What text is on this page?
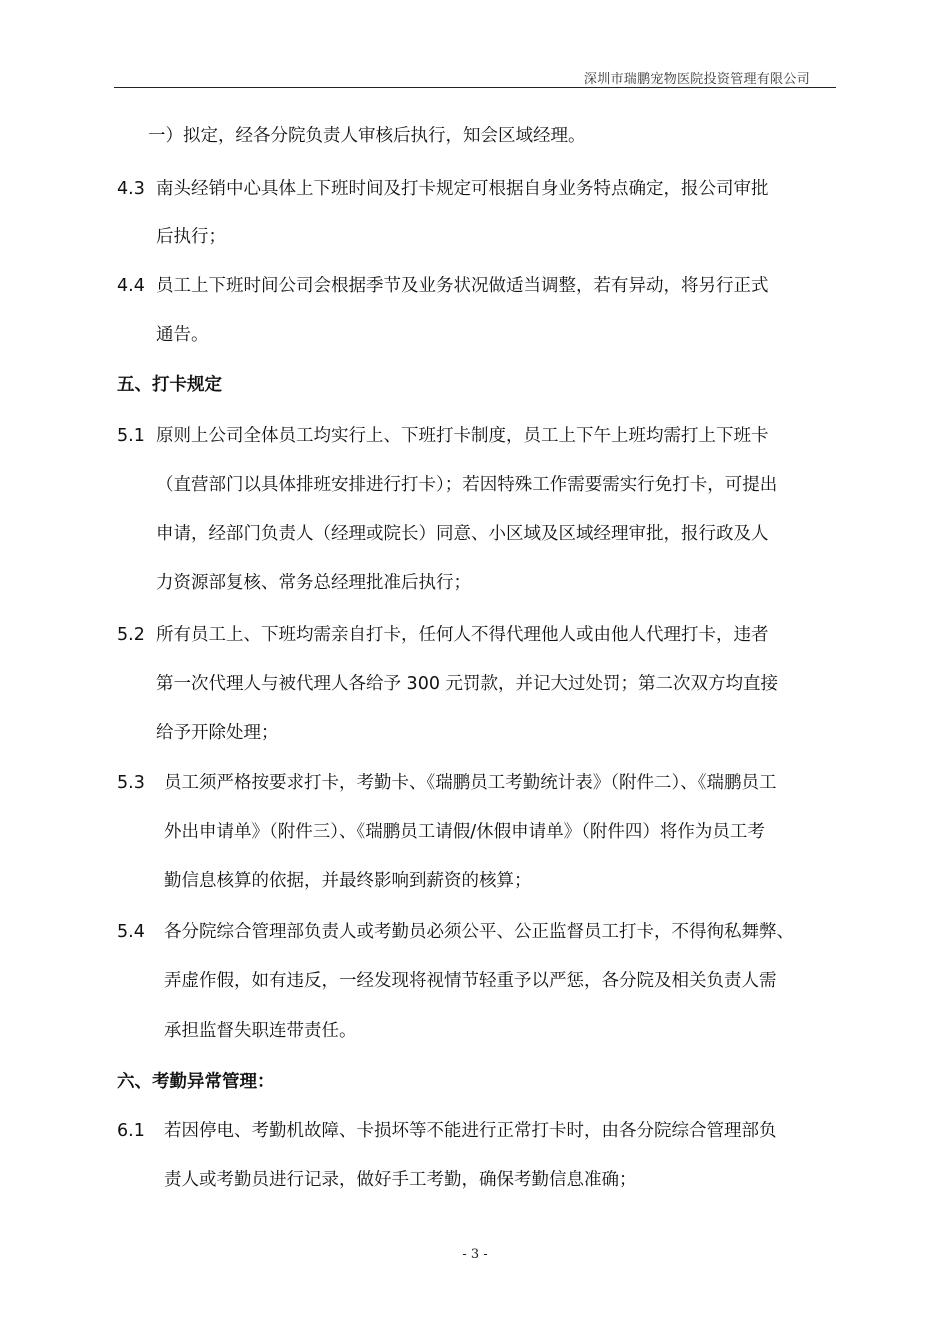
深圳市瑞鹏宠物医院投资管理有限公司
一）拟定，经各分院负责人审核后执行，知会区域经理。
4.3 南头经销中心具体上下班时间及打卡规定可根据自身业务特点确定，报公司审批
后执行；
4.4 员工上下班时间公司会根据季节及业务状况做适当调整，若有异动，将另行正式
通告。
五、打卡规定
5.1 原则上公司全体员工均实行上、下班打卡制度，员工上下午上班均需打上下班卡
（直营部门以具体排班安排进行打卡）；若因特殊工作需要需实行免打卡，可提出
申请，经部门负责人（经理或院长）同意、小区域及区域经理审批，报行政及人
力资源部复核、常务总经理批准后执行；
5.2 所有员工上、下班均需亲自打卡，任何人不得代理他人或由他人代理打卡，违者
第一次代理人与被代理人各给予 300 元罚款，并记大过处罚；第二次双方均直接
给予开除处理；
5.3 员工须严格按要求打卡，考勤卡、《瑞鹏员工考勤统计表》（附件二）、《瑞鹏员工
外出申请单》（附件三）、《瑞鹏员工请假/休假申请单》（附件四）将作为员工考
勤信息核算的依据，并最终影响到薪资的核算；
5.4 各分院综合管理部负责人或考勤员必须公平、公正监督员工打卡，不得徇私舞弊、
弄虚作假，如有违反，一经发现将视情节轻重予以严惩，各分院及相关负责人需
承担监督失职连带责任。
六、考勤异常管理：
6.1 若因停电、考勤机故障、卡损坏等不能进行正常打卡时，由各分院综合管理部负
责人或考勤员进行记录，做好手工考勤，确保考勤信息准确；
- 3 -
